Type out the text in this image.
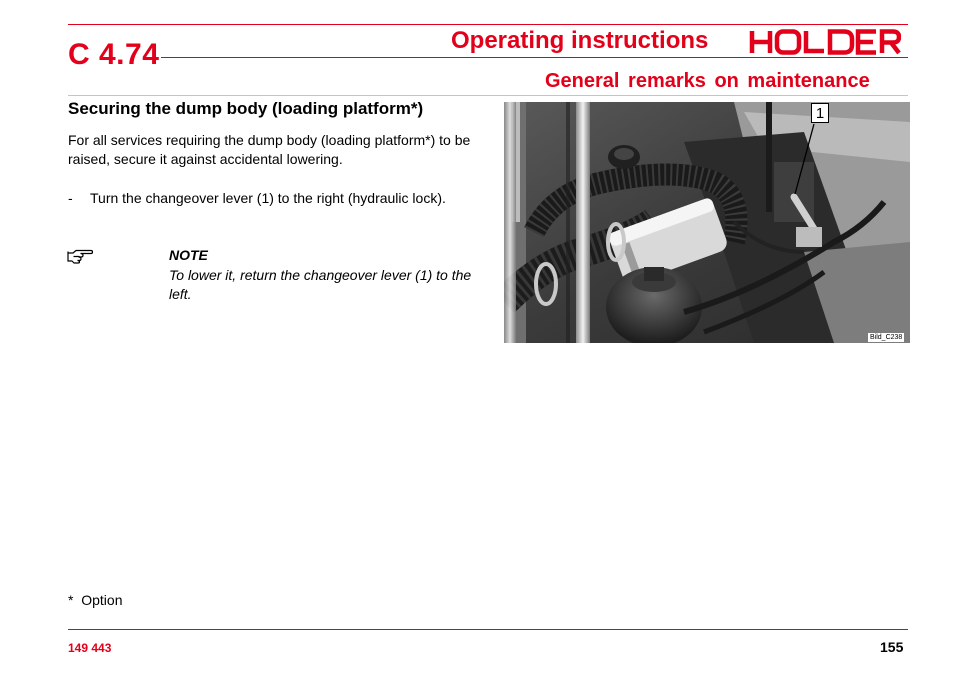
C 4.74	Operating instructions
General remarks on maintenance
Securing the dump body (loading platform*)
For all services requiring the dump body (loading platform*) to be raised, secure it against accidental lowering.
- Turn the changeover lever (1) to the right (hydraulic lock).
NOTE
To lower it, return the changeover lever (1) to the left.
1
Bild_C238
*  Option
149 443	155
